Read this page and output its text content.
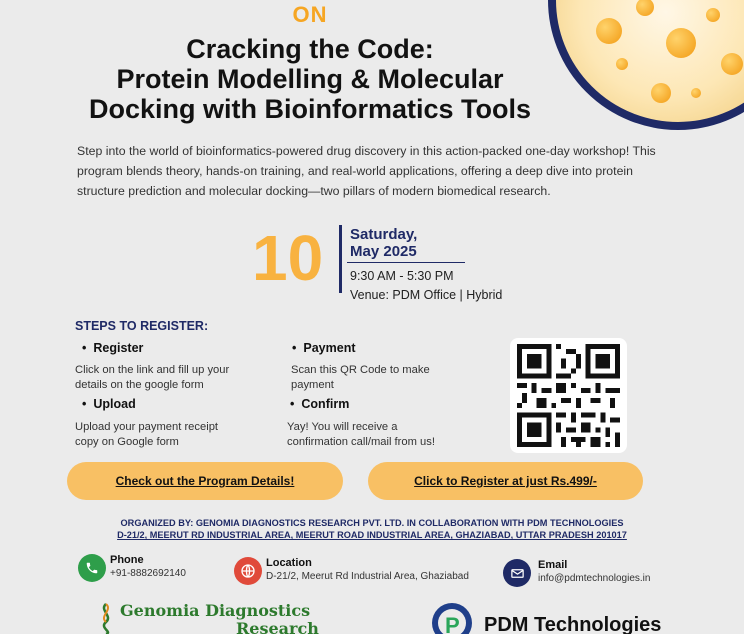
ON
Cracking the Code:
Protein Modelling & Molecular
Docking with Bioinformatics Tools
Step into the world of bioinformatics-powered drug discovery in this action-packed one-day workshop! This program blends theory, hands-on training, and real-world applications, offering a deep dive into protein structure prediction and molecular docking—two pillars of modern biomedical research.
10 Saturday,
May 2025
9:30 AM - 5:30 PM
Venue: PDM Office | Hybrid
STEPS TO REGISTER:
• Register
Click on the link and fill up your
details on the google form
• Payment
Scan this QR Code to make
payment
• Upload
Upload your payment receipt
copy on Google form
• Confirm
Yay! You will receive a
confirmation call/mail from us!
Check out the Program Details!	Click to Register at just Rs.499/-
ORGANIZED BY: GENOMIA DIAGNOSTICS RESEARCH PVT. LTD. IN COLLABORATION WITH PDM TECHNOLOGIES
D-21/2, MEERUT RD INDUSTRIAL AREA, MEERUT ROAD INDUSTRIAL AREA, GHAZIABAD, UTTAR PRADESH 201017
Phone
+91-8882692140
Location
D-21/2, Meerut Rd Industrial Area, Ghaziabad
Email
info@pdmtechnologies.in
Genomia Diagnostics
Research	P PDM Technologies
